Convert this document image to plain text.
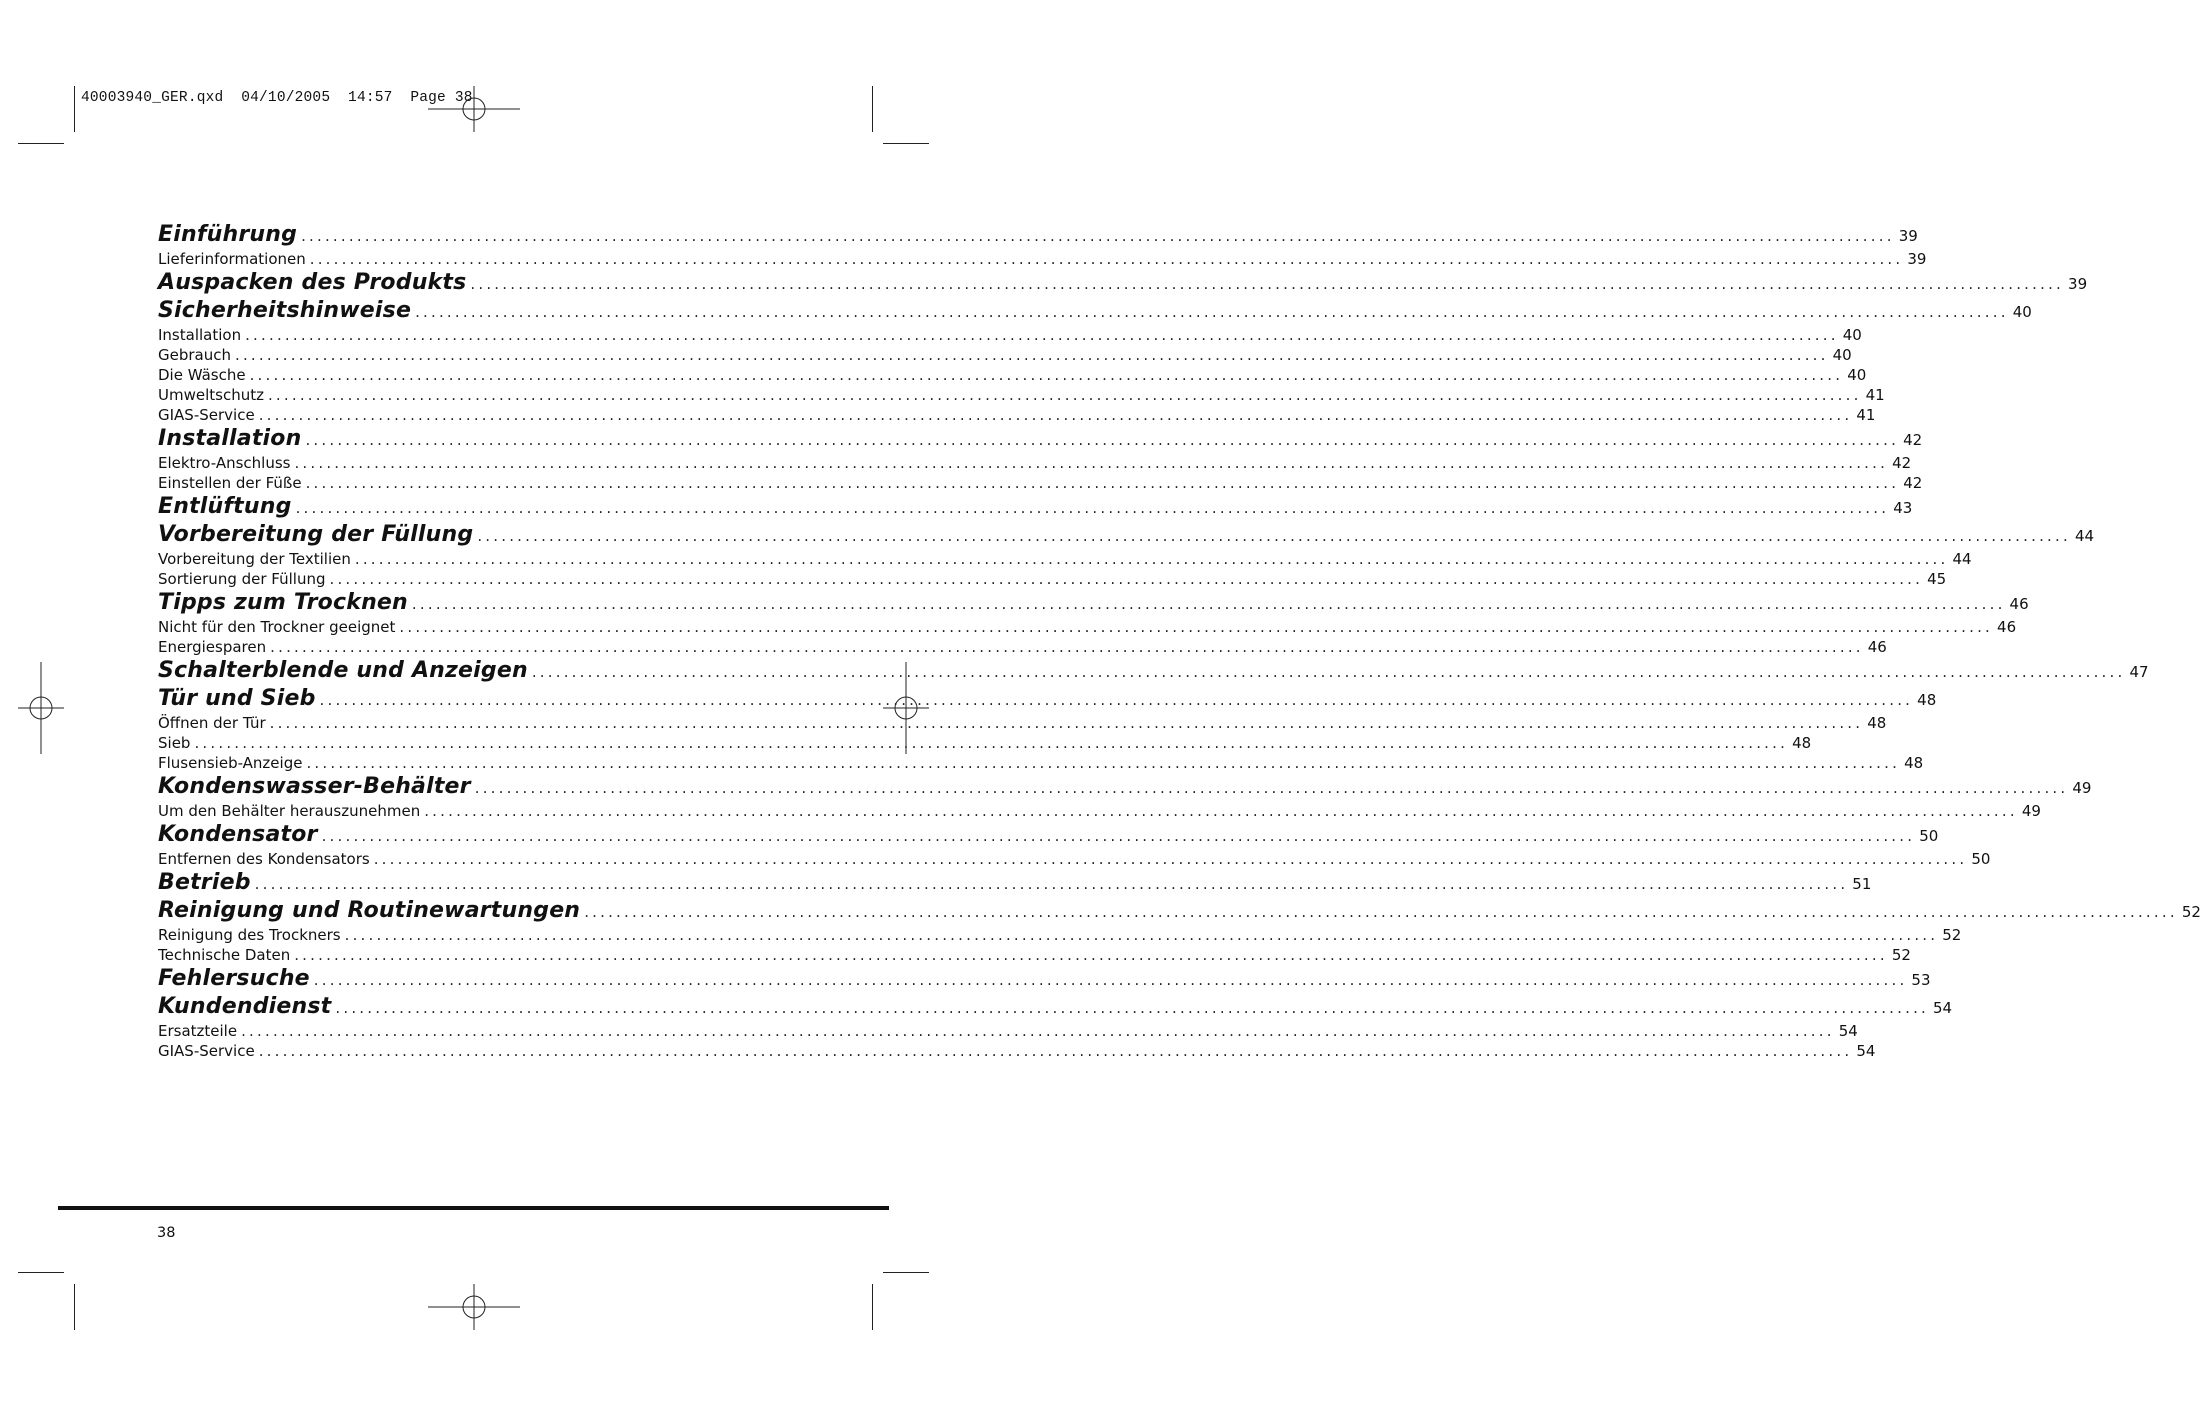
40003940_GER.qxd  04/10/2005  14:57  Page 38
Einführung ........................................................................................................................................................................................................ 39
Lieferinformationen ........................................................................................................................................................................................................ 39
Auspacken des Produkts ........................................................................................................................................................................................................ 39
Sicherheitshinweise ........................................................................................................................................................................................................ 40
Installation ........................................................................................................................................................................................................ 40
Gebrauch ........................................................................................................................................................................................................ 40
Die Wäsche ........................................................................................................................................................................................................ 40
Umweltschutz ........................................................................................................................................................................................................ 41
GIAS-Service ........................................................................................................................................................................................................ 41
Installation ........................................................................................................................................................................................................ 42
Elektro-Anschluss ........................................................................................................................................................................................................ 42
Einstellen der Füße ........................................................................................................................................................................................................ 42
Entlüftung ........................................................................................................................................................................................................ 43
Vorbereitung der Füllung ........................................................................................................................................................................................................ 44
Vorbereitung der Textilien ........................................................................................................................................................................................................ 44
Sortierung der Füllung ........................................................................................................................................................................................................ 45
Tipps zum Trocknen ........................................................................................................................................................................................................ 46
Nicht für den Trockner geeignet ........................................................................................................................................................................................................ 46
Energiesparen ........................................................................................................................................................................................................ 46
Schalterblende und Anzeigen ........................................................................................................................................................................................................ 47
Tür und Sieb ........................................................................................................................................................................................................ 48
Öffnen der Tür ........................................................................................................................................................................................................ 48
Sieb ........................................................................................................................................................................................................ 48
Flusensieb-Anzeige ........................................................................................................................................................................................................ 48
Kondenswasser-Behälter ........................................................................................................................................................................................................ 49
Um den Behälter herauszunehmen ........................................................................................................................................................................................................ 49
Kondensator ........................................................................................................................................................................................................ 50
Entfernen des Kondensators ........................................................................................................................................................................................................ 50
Betrieb ........................................................................................................................................................................................................ 51
Reinigung und Routinewartungen ........................................................................................................................................................................................................ 52
Reinigung des Trockners ........................................................................................................................................................................................................ 52
Technische Daten ........................................................................................................................................................................................................ 52
Fehlersuche ........................................................................................................................................................................................................ 53
Kundendienst ........................................................................................................................................................................................................ 54
Ersatzteile ........................................................................................................................................................................................................ 54
GIAS-Service ........................................................................................................................................................................................................ 54
38
